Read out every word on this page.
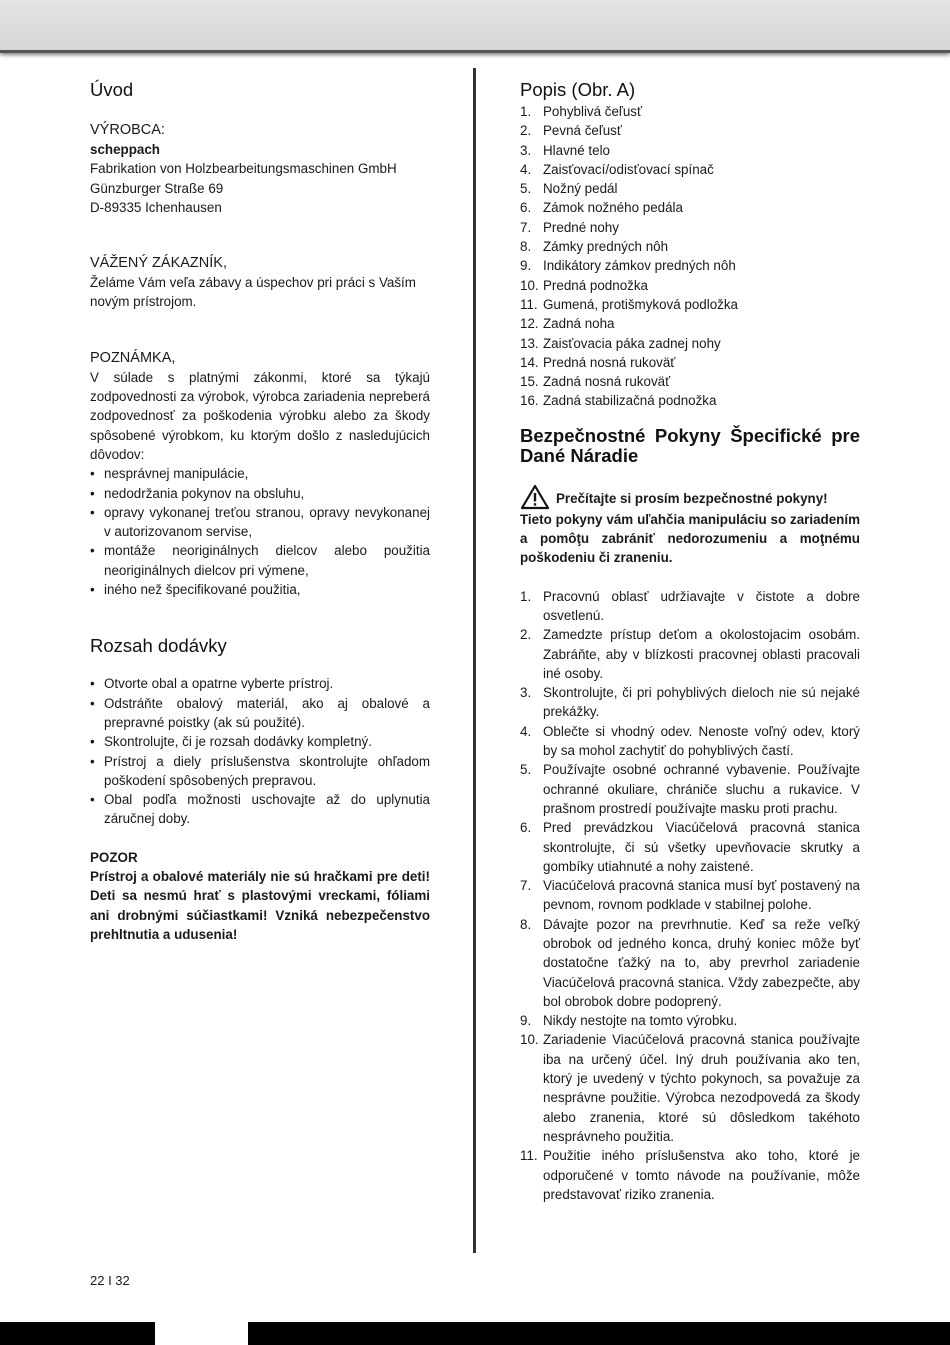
Úvod

VÝROBCA:

scheppach

Fabrikation von Holzbearbeitungsmaschinen GmbH

Günzburger Straße 69

D-89335 Ichenhausen

VÁŽENÝ ZÁKAZNÍK,

Želáme Vám veľa zábavy a úspechov pri práci s Vaším novým prístrojom.

POZNÁMKA,

V súlade s platnými zákonmi, ktoré sa týkajú zodpovednosti za výrobok, výrobca zariadenia nepreberá zodpovednosť za poškodenia výrobku alebo za škody spôsobené výrobkom, ku ktorým došlo z nasledujúcich dôvodov:

• nesprávnej manipulácie,
• nedodržania pokynov na obsluhu,
• opravy vykonanej treťou stranou, opravy nevykonanej v autorizovanom servise,
• montáže neoriginálnych dielcov alebo použitia neoriginálnych dielcov pri výmene,
• iného než špecifikované použitia,
Rozsah dodávky
• Otvorte obal a opatrne vyberte prístroj.
• Odstráňte obalový materiál, ako aj obalové a prepravné poistky (ak sú použité).
• Skontrolujte, či je rozsah dodávky kompletný.
• Prístroj a diely príslušenstva skontrolujte ohľadom poškodení spôsobených prepravou.
• Obal podľa možnosti uschovajte až do uplynutia záručnej doby.

POZOR

Prístroj a obalové materiály nie sú hračkami pre deti! Deti sa nesmú hrať s plastovými vreckami, fóliami ani drobnými súčiastkami! Vzniká nebezpečenstvo prehltnutia a udusenia!

Popis (Obr. A)
1. Pohyblivá čeľusť
2. Pevná čeľusť
3. Hlavné telo
4. Zaisťovací/odisťovací spínač
5. Nožný pedál
6. Zámok nožného pedála
7. Predné nohy
8. Zámky predných nôh
9. Indikátory zámkov predných nôh
10. Predná podnožka
11. Gumená, protišmyková podložka
12. Zadná noha
13. Zaisťovacia páka zadnej nohy
14. Predná nosná rukoväť
15. Zadná nosná rukoväť
16. Zadná stabilizačná podnožka
Bezpečnostné Pokyny Špecifické pre Dané Náradie

Prečítajte si prosím bezpečnostné pokyny!

Tieto pokyny vám uľahčia manipuláciu so zariadením a pomôţu zabrániť nedorozumeniu a moţnému poškodeniu či zraneniu.

1. Pracovnú oblasť udržiavajte v čistote a dobre osvetlenú.
2. Zamedzte prístup deťom a okolostojacim osobám. Zabráňte, aby v blízkosti pracovnej oblasti pracovali iné osoby.
3. Skontrolujte, či pri pohyblivých dieloch nie sú nejaké prekážky.
4. Oblečte si vhodný odev. Nenoste voľný odev, ktorý by sa mohol zachytiť do pohyblivých častí.
5. Používajte osobné ochranné vybavenie. Používajte ochranné okuliare, chrániče sluchu a rukavice. V prašnom prostredí používajte masku proti prachu.
6. Pred prevádzkou Viacúčelová pracovná stanica skontrolujte, či sú všetky upevňovacie skrutky a gombíky utiahnuté a nohy zaistené.
7. Viacúčelová pracovná stanica musí byť postavený na pevnom, rovnom podklade v stabilnej polohe.
8. Dávajte pozor na prevrhnutie. Keď sa reže veľký obrobok od jedného konca, druhý koniec môže byť dostatočne ťažký na to, aby prevrhol zariadenie Viacúčelová pracovná stanica. Vždy zabezpečte, aby bol obrobok dobre podoprený.
9. Nikdy nestojte na tomto výrobku.
10. Zariadenie Viacúčelová pracovná stanica používajte iba na určený účel. Iný druh používania ako ten, ktorý je uvedený v týchto pokynoch, sa považuje za nesprávne použitie. Výrobca nezodpovedá za škody alebo zranenia, ktoré sú dôsledkom takéhoto nesprávneho použitia.
11. Použitie iného príslušenstva ako toho, ktoré je odporučené v tomto návode na používanie, môže predstavovať riziko zranenia.
22 I 32
